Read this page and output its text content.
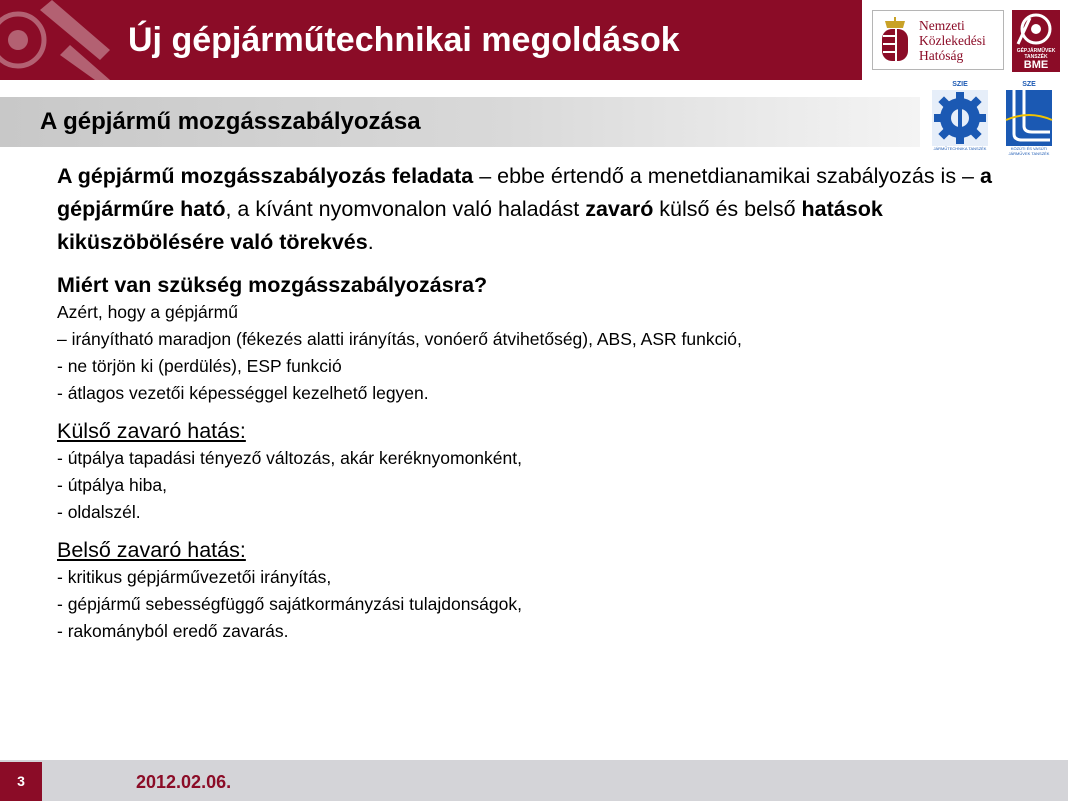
Új gépjárműtechnikai megoldások	Nemzeti
Közlekedési
Hatóság	GÉPJÁRMŰVEK TANSZÉK
BME
A gépjármű mozgásszabályozása
SZIE
JÁRMŰTECHNIKA TANSZÉK
SZE
KÖZÚTI ÉS VASÚTI JÁRMŰVEK TANSZÉK

A gépjármű mozgásszabályozás feladata – ebbe értendő a menetdianamikai szabályozás is – a gépjárműre ható, a kívánt nyomvonalon való haladást zavaró külső és belső hatások kiküszöbölésére való törekvés.

Miért van szükség mozgásszabályozásra?

Azért, hogy a gépjármű

– irányítható maradjon (fékezés alatti irányítás, vonóerő átvihetőség), ABS, ASR funkció,

- ne törjön ki (perdülés), ESP funkció

- átlagos vezetői képességgel kezelhető legyen.

Külső zavaró hatás:

- útpálya tapadási tényező változás, akár keréknyomonként,

- útpálya hiba,

- oldalszél.

Belső zavaró hatás:

- kritikus gépjárművezetői irányítás,

- gépjármű sebességfüggő sajátkormányzási tulajdonságok,

- rakományból eredő zavarás.

3	2012.02.06.
